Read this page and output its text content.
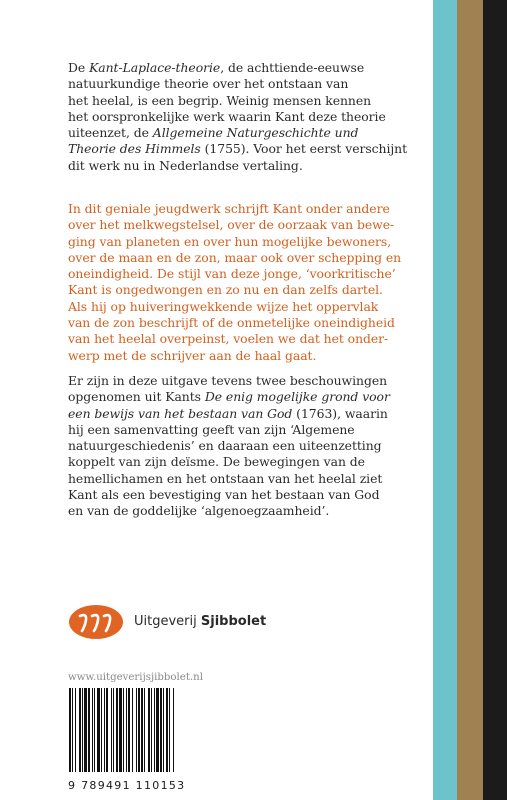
De Kant-Laplace-theorie, de achttiende-eeuwse
natuurkundige theorie over het ontstaan van
het heelal, is een begrip. Weinig mensen kennen
het oorspronkelijke werk waarin Kant deze theorie
uiteenzet, de Allgemeine Naturgeschichte und
Theorie des Himmels (1755). Voor het eerst verschijnt
dit werk nu in Nederlandse vertaling.
In dit geniale jeugdwerk schrijft Kant onder andere
over het melkwegstelsel, over de oorzaak van bewe-
ging van planeten en over hun mogelijke bewoners,
over de maan en de zon, maar ook over schepping en
oneindigheid. De stijl van deze jonge, ‘voorkritische’
Kant is ongedwongen en zo nu en dan zelfs dartel.
Als hij op huiveringwekkende wijze het oppervlak
van de zon beschrijft of de onmetelijke oneindigheid
van het heelal overpeinst, voelen we dat het onder-
werp met de schrijver aan de haal gaat.
Er zijn in deze uitgave tevens twee beschouwingen
opgenomen uit Kants De enig mogelijke grond voor
een bewijs van het bestaan van God (1763), waarin
hij een samenvatting geeft van zijn ‘Algemene
natuurgeschiedenis’ en daaraan een uiteenzetting
koppelt van zijn deïsme. De bewegingen van de
hemellichamen en het ontstaan van het heelal ziet
Kant als een bevestiging van het bestaan van God
en van de goddelijke ‘algenoegzaamheid’.
Uitgeverij Sjibbolet
www.uitgeverijsjibbolet.nl
9 789491 110153
